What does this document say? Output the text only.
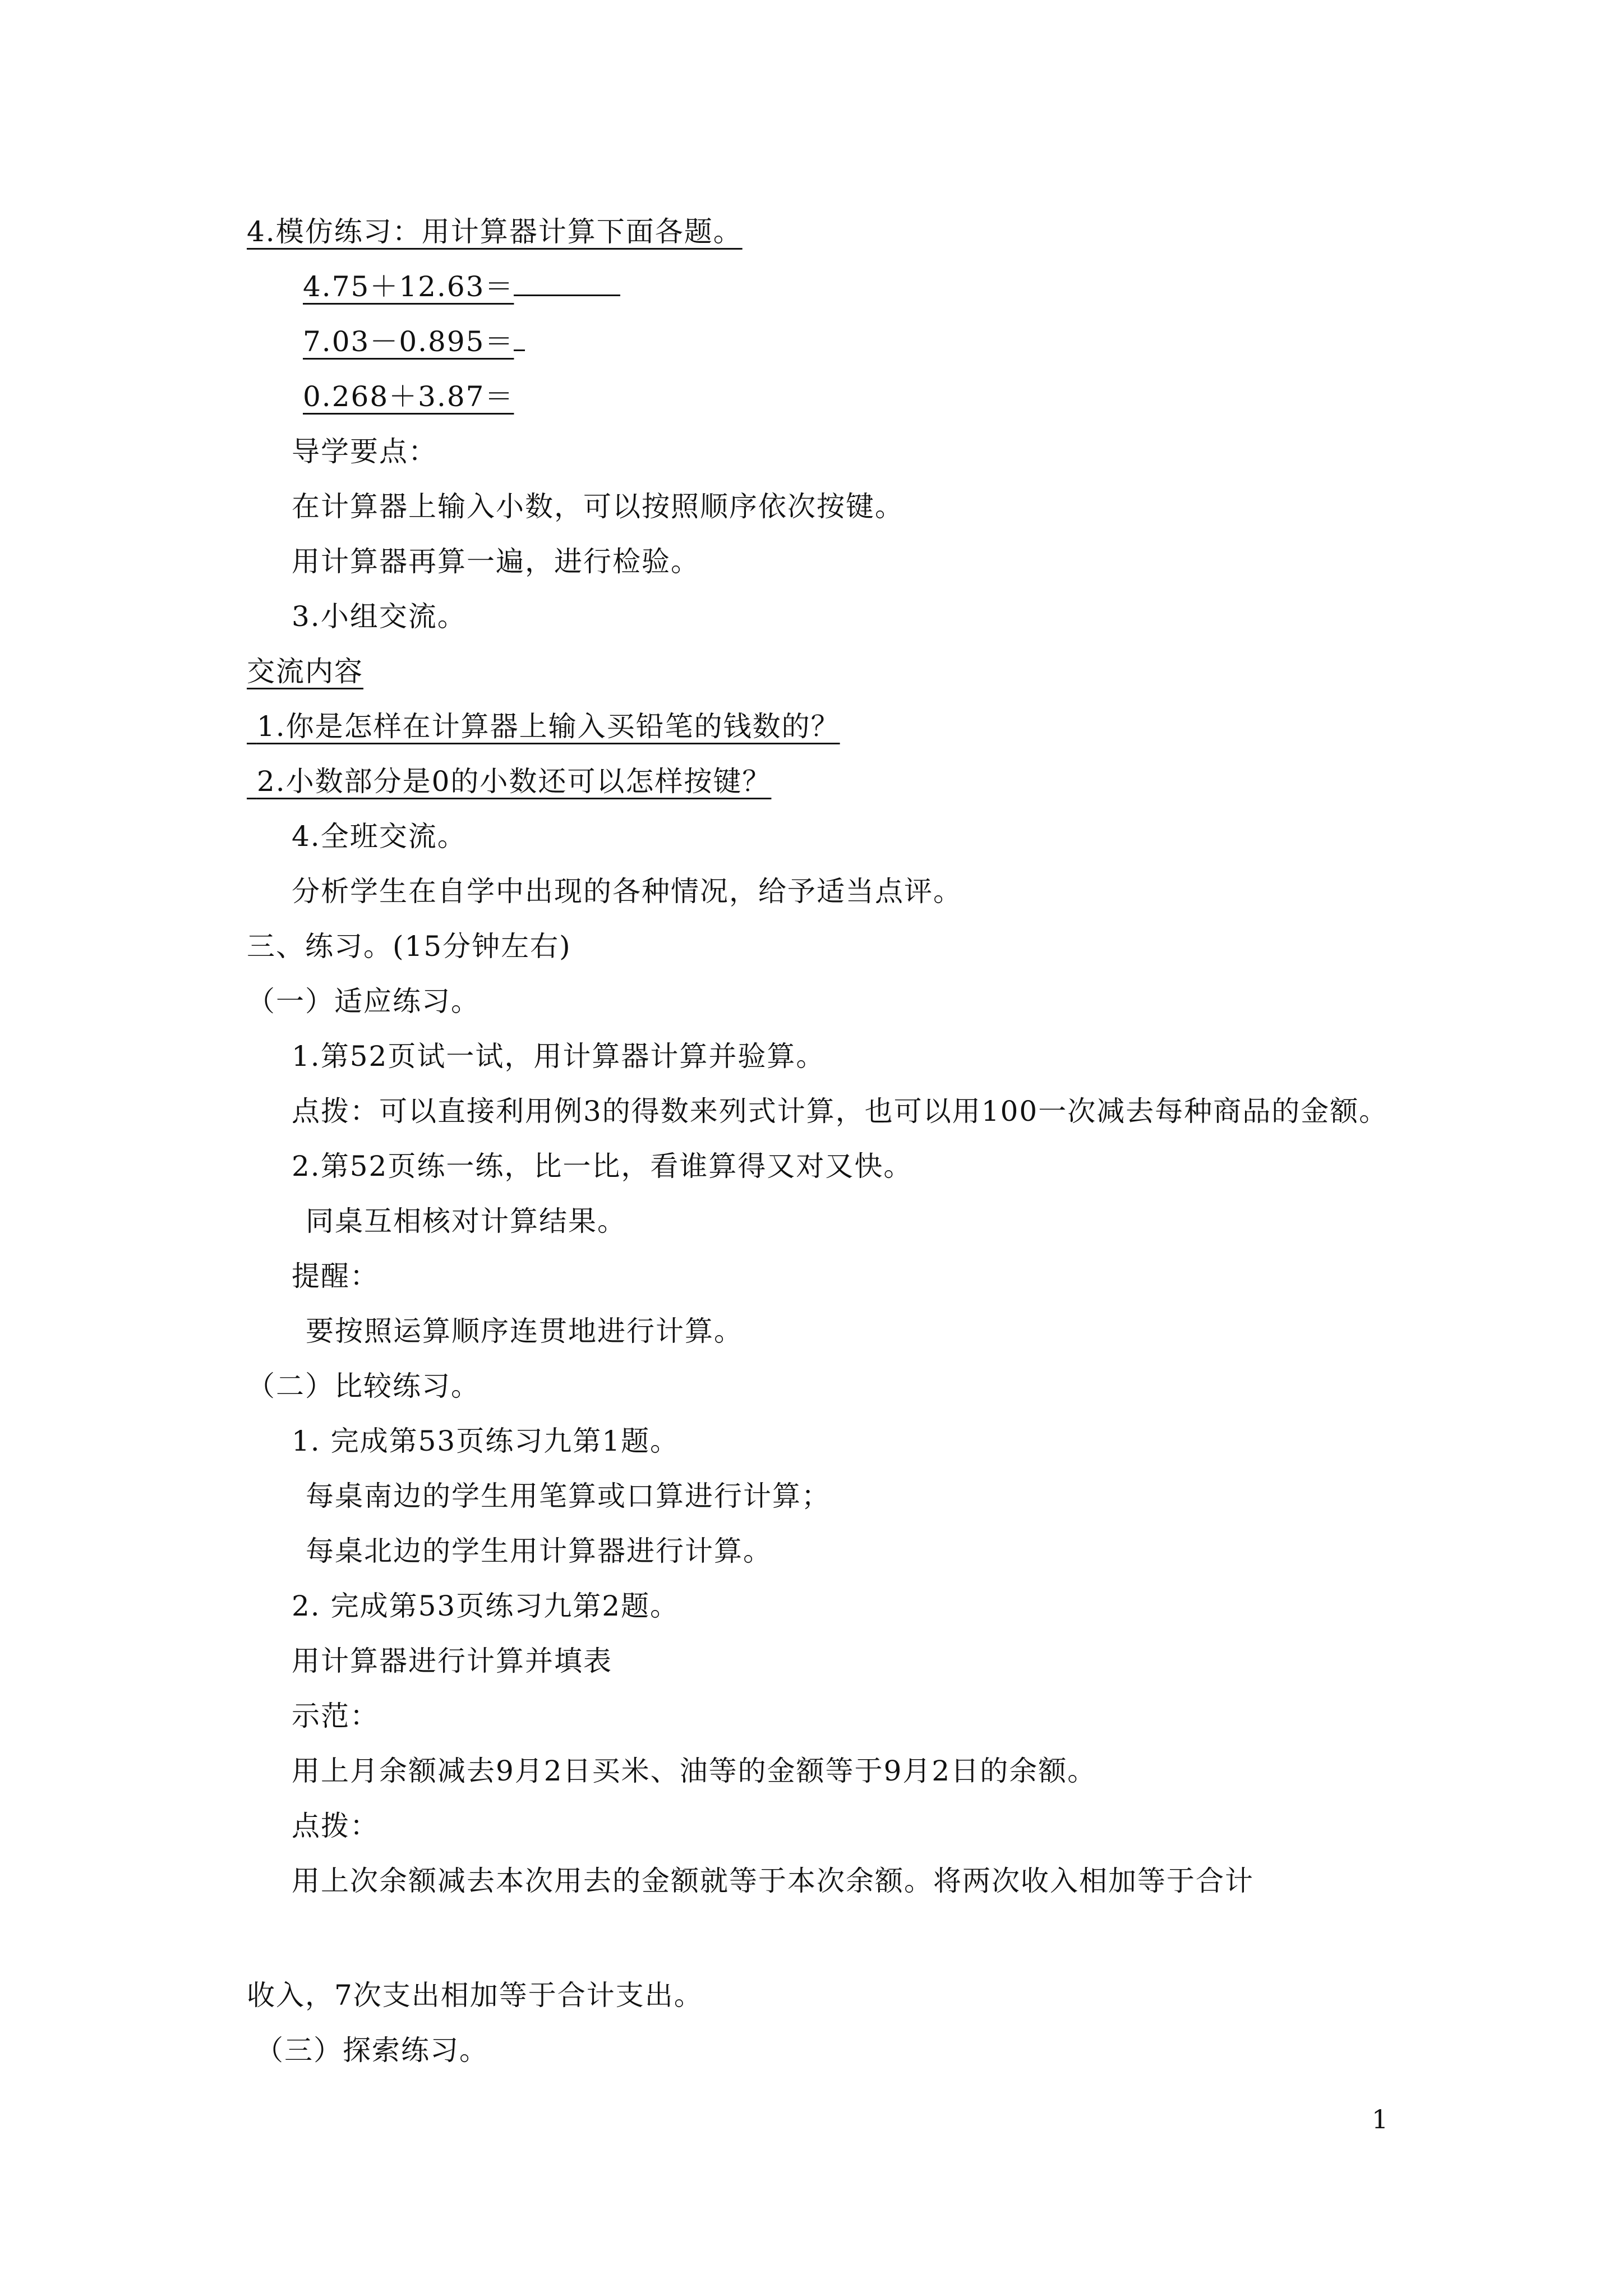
4.模仿练习：用计算器计算下面各题。
4.75＋12.63＝
7.03－0.895＝
0.268＋3.87＝
导学要点：
在计算器上输入小数，可以按照顺序依次按键。
用计算器再算一遍，进行检验。
3.小组交流。
交流内容
1.你是怎样在计算器上输入买铅笔的钱数的？
2.小数部分是0的小数还可以怎样按键？
4.全班交流。
分析学生在自学中出现的各种情况，给予适当点评。
三、练习。(15分钟左右)
（一）适应练习。
1.第52页试一试，用计算器计算并验算。
点拨：可以直接利用例3的得数来列式计算，也可以用100一次减去每种商品的金额。
2.第52页练一练，比一比，看谁算得又对又快。
同桌互相核对计算结果。
提醒：
要按照运算顺序连贯地进行计算。
（二）比较练习。
1. 完成第53页练习九第1题。
每桌南边的学生用笔算或口算进行计算；
每桌北边的学生用计算器进行计算。
2. 完成第53页练习九第2题。
用计算器进行计算并填表
示范：
用上月余额减去9月2日买米、油等的金额等于9月2日的余额。
点拨：
用上次余额减去本次用去的金额就等于本次余额。将两次收入相加等于合计
收入，7次支出相加等于合计支出。
（三）探索练习。
1
